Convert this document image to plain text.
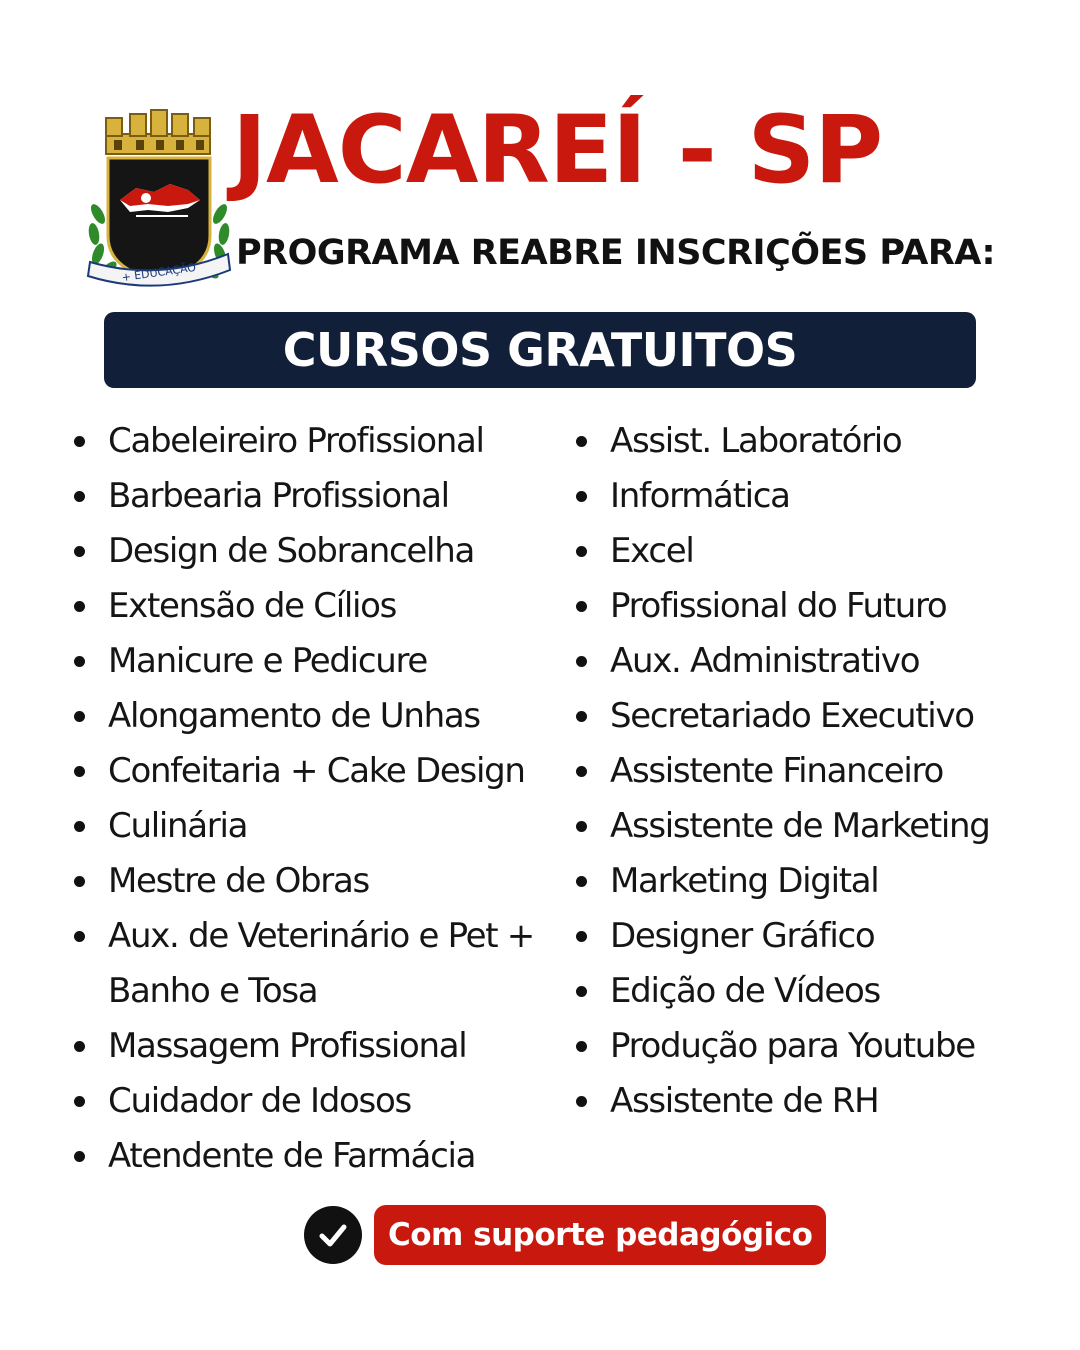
+ EDUCAÇÃO
JACAREÍ - SP
PROGRAMA REABRE INSCRIÇÕES PARA:
CURSOS GRATUITOS
Cabeleireiro Profissional
Barbearia Profissional
Design de Sobrancelha
Extensão de Cílios
Manicure e Pedicure
Alongamento de Unhas
Confeitaria + Cake Design
Culinária
Mestre de Obras
Aux. de Veterinário e Pet + Banho e Tosa
Massagem Profissional
Cuidador de Idosos
Atendente de Farmácia
Assist. Laboratório
Informática
Excel
Profissional do Futuro
Aux. Administrativo
Secretariado Executivo
Assistente Financeiro
Assistente de Marketing
Marketing Digital
Designer Gráfico
Edição de Vídeos
Produção para Youtube
Assistente de RH
Com suporte pedagógico
